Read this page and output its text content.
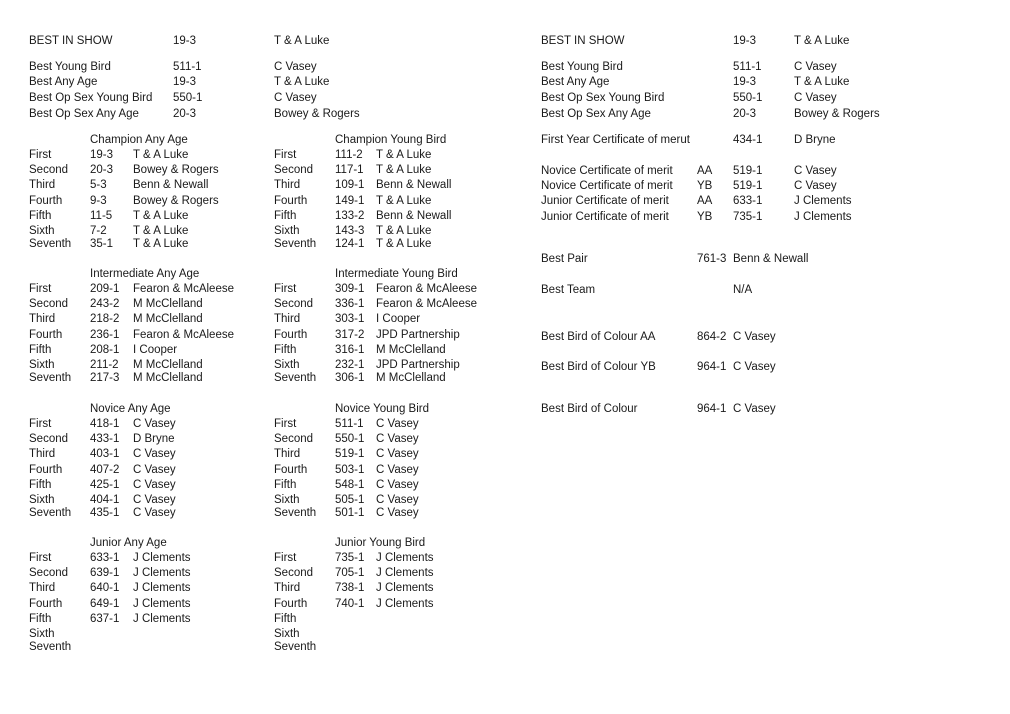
BEST IN SHOW	19-3	T & A Luke
Best Young Bird	511-1	C Vasey
Best Any Age	19-3	T & A Luke
Best Op Sex Young Bird 550-1	C Vasey
Best Op Sex Any Age	20-3	Bowey & Rogers
Champion Any Age	Champion Young Bird
First	19-3 T & A Luke
Second 20-3 Bowey & Rogers
Third	5-3 Benn & Newall
Fourth 9-3 Bowey & Rogers
Fifth	11-5 T & A Luke
Sixth	7-2 T & A Luke
Seventh 35-1 T & A Luke
First	111-2 T & A Luke
Second 117-1 T & A Luke
Third	109-1 Benn & Newall
Fourth 149-1 T & A Luke
Fifth	133-2 Benn & Newall
Sixth	143-3 T & A Luke
Seventh 124-1 T & A Luke
Intermediate Any Age	Intermediate Young Bird
First	209-1 Fearon & McAleese
Second 243-2 M McClelland
Third	218-2 M McClelland
Fourth 236-1 Fearon & McAleese
Fifth	208-1 I Cooper
Sixth	211-2 M McClelland
Seventh 217-3 M McClelland
First	309-1 Fearon & McAleese
Second 336-1 Fearon & McAleese
Third	303-1 I Cooper
Fourth 317-2 JPD Partnership
Fifth	316-1 M McClelland
Sixth	232-1 JPD Partnership
Seventh 306-1 M McClelland
Novice Any Age	Novice Young Bird
First	418-1 C Vasey
Second 433-1 D Bryne
Third	403-1 C Vasey
Fourth 407-2 C Vasey
Fifth	425-1 C Vasey
Sixth	404-1 C Vasey
Seventh 435-1 C Vasey
First	511-1 C Vasey
Second 550-1 C Vasey
Third	519-1 C Vasey
Fourth 503-1 C Vasey
Fifth	548-1 C Vasey
Sixth	505-1 C Vasey
Seventh 501-1 C Vasey
Junior Any Age	Junior Young Bird
First	633-1 J Clements
Second 639-1 J Clements
Third	640-1 J Clements
Fourth 649-1 J Clements
Fifth	637-1 J Clements
Sixth
Seventh
First	735-1 J Clements
Second 705-1 J Clements
Third	738-1 J Clements
Fourth 740-1 J Clements
Fifth
Sixth
Seventh
BEST IN SHOW	19-3	T & A Luke
Best Young Bird	511-1	C Vasey
Best Any Age	19-3	T & A Luke
Best Op Sex Young Bird	550-1	C Vasey
Best Op Sex Any Age	20-3	Bowey & Rogers
First Year Certificate of merut	434-1	D Bryne
Novice Certificate of merit AA 519-1	C Vasey
Novice Certificate of merit YB 519-1	C Vasey
Junior Certificate of merit AA 633-1	J Clements
Junior Certificate of merit YB 735-1	J Clements
Best Pair	761-3 Benn & Newall
Best Team	N/A
Best Bird of Colour AA	864-2 C Vasey
Best Bird of Colour YB	964-1 C Vasey
Best Bird of Colour	964-1 C Vasey
